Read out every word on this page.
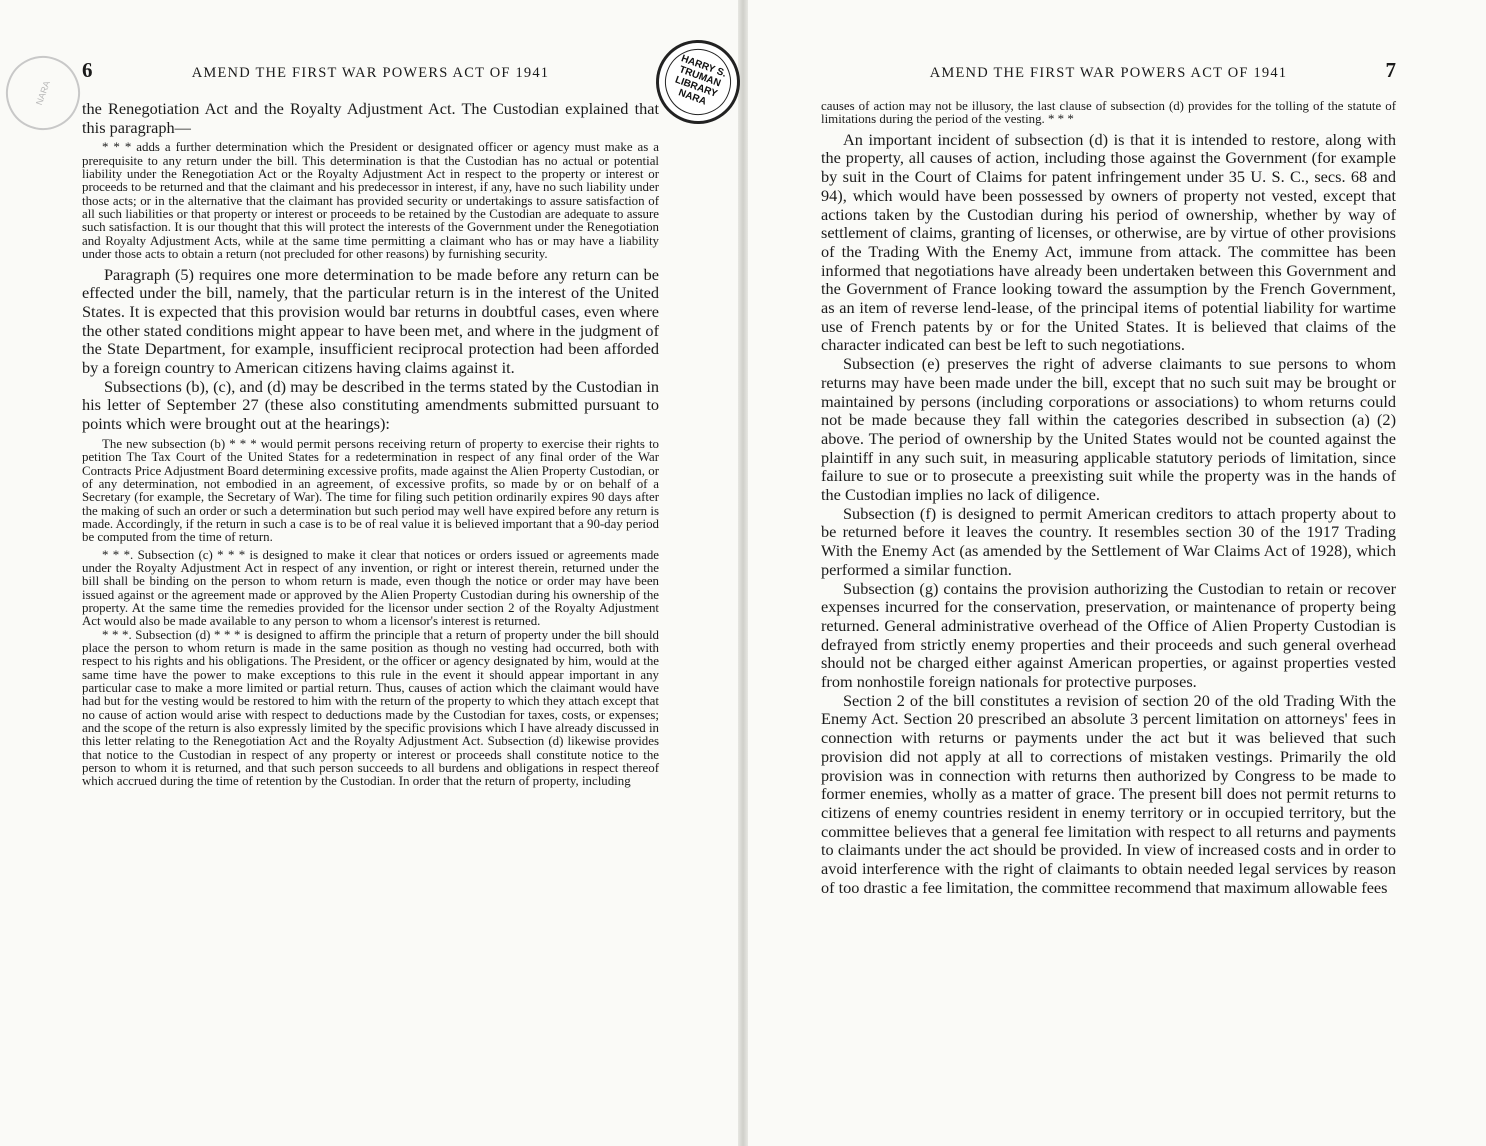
NARA
6	AMEND THE FIRST WAR POWERS ACT OF 1941

the Renegotiation Act and the Royalty Adjustment Act. The Custodian explained that this paragraph—

* * * adds a further determination which the President or designated officer or agency must make as a prerequisite to any return under the bill. This determination is that the Custodian has no actual or potential liability under the Renegotiation Act or the Royalty Adjustment Act in respect to the property or interest or proceeds to be returned and that the claimant and his predecessor in interest, if any, have no such liability under those acts; or in the alternative that the claimant has provided security or undertakings to assure satisfaction of all such liabilities or that property or interest or proceeds to be retained by the Custodian are adequate to assure such satisfaction. It is our thought that this will protect the interests of the Government under the Renegotiation and Royalty Adjustment Acts, while at the same time permitting a claimant who has or may have a liability under those acts to obtain a return (not precluded for other reasons) by furnishing security.

Paragraph (5) requires one more determination to be made before any return can be effected under the bill, namely, that the particular return is in the interest of the United States. It is expected that this provision would bar returns in doubtful cases, even where the other stated conditions might appear to have been met, and where in the judgment of the State Department, for example, insufficient reciprocal protection had been afforded by a foreign country to American citizens having claims against it.

Subsections (b), (c), and (d) may be described in the terms stated by the Custodian in his letter of September 27 (these also constituting amendments submitted pursuant to points which were brought out at the hearings):

The new subsection (b) * * * would permit persons receiving return of property to exercise their rights to petition The Tax Court of the United States for a redetermination in respect of any final order of the War Contracts Price Adjustment Board determining excessive profits, made against the Alien Property Custodian, or of any determination, not embodied in an agreement, of excessive profits, so made by or on behalf of a Secretary (for example, the Secretary of War). The time for filing such petition ordinarily expires 90 days after the making of such an order or such a determination but such period may well have expired before any return is made. Accordingly, if the return in such a case is to be of real value it is believed important that a 90-day period be computed from the time of return.

* * *. Subsection (c) * * * is designed to make it clear that notices or orders issued or agreements made under the Royalty Adjustment Act in respect of any invention, or right or interest therein, returned under the bill shall be binding on the person to whom return is made, even though the notice or order may have been issued against or the agreement made or approved by the Alien Property Custodian during his ownership of the property. At the same time the remedies provided for the licensor under section 2 of the Royalty Adjustment Act would also be made available to any person to whom a licensor's interest is returned.

* * *. Subsection (d) * * * is designed to affirm the principle that a return of property under the bill should place the person to whom return is made in the same position as though no vesting had occurred, both with respect to his rights and his obligations. The President, or the officer or agency designated by him, would at the same time have the power to make exceptions to this rule in the event it should appear important in any particular case to make a more limited or partial return. Thus, causes of action which the claimant would have had but for the vesting would be restored to him with the return of the property to which they attach except that no cause of action would arise with respect to deductions made by the Custodian for taxes, costs, or expenses; and the scope of the return is also expressly limited by the specific provisions which I have already discussed in this letter relating to the Renegotiation Act and the Royalty Adjustment Act. Subsection (d) likewise provides that notice to the Custodian in respect of any property or interest or proceeds shall constitute notice to the person to whom it is returned, and that such person succeeds to all burdens and obligations in respect thereof which accrued during the time of retention by the Custodian. In order that the return of property, including

AMEND THE FIRST WAR POWERS ACT OF 1941	7

causes of action may not be illusory, the last clause of subsection (d) provides for the tolling of the statute of limitations during the period of the vesting. * * *

An important incident of subsection (d) is that it is intended to restore, along with the property, all causes of action, including those against the Government (for example by suit in the Court of Claims for patent infringement under 35 U. S. C., secs. 68 and 94), which would have been possessed by owners of property not vested, except that actions taken by the Custodian during his period of ownership, whether by way of settlement of claims, granting of licenses, or otherwise, are by virtue of other provisions of the Trading With the Enemy Act, immune from attack. The committee has been informed that negotiations have already been undertaken between this Government and the Government of France looking toward the assumption by the French Government, as an item of reverse lend-lease, of the principal items of potential liability for wartime use of French patents by or for the United States. It is believed that claims of the character indicated can best be left to such negotiations.

Subsection (e) preserves the right of adverse claimants to sue persons to whom returns may have been made under the bill, except that no such suit may be brought or maintained by persons (including corporations or associations) to whom returns could not be made because they fall within the categories described in subsection (a) (2) above. The period of ownership by the United States would not be counted against the plaintiff in any such suit, in measuring applicable statutory periods of limitation, since failure to sue or to prosecute a preexisting suit while the property was in the hands of the Custodian implies no lack of diligence.

Subsection (f) is designed to permit American creditors to attach property about to be returned before it leaves the country. It resembles section 30 of the 1917 Trading With the Enemy Act (as amended by the Settlement of War Claims Act of 1928), which performed a similar function.

Subsection (g) contains the provision authorizing the Custodian to retain or recover expenses incurred for the conservation, preservation, or maintenance of property being returned. General administrative overhead of the Office of Alien Property Custodian is defrayed from strictly enemy properties and their proceeds and such general overhead should not be charged either against American properties, or against properties vested from nonhostile foreign nationals for protective purposes.

Section 2 of the bill constitutes a revision of section 20 of the old Trading With the Enemy Act. Section 20 prescribed an absolute 3 percent limitation on attorneys' fees in connection with returns or payments under the act but it was believed that such provision did not apply at all to corrections of mistaken vestings. Primarily the old provision was in connection with returns then authorized by Congress to be made to former enemies, wholly as a matter of grace. The present bill does not permit returns to citizens of enemy countries resident in enemy territory or in occupied territory, but the committee believes that a general fee limitation with respect to all returns and payments to claimants under the act should be provided. In view of increased costs and in order to avoid interference with the right of claimants to obtain needed legal services by reason of too drastic a fee limitation, the committee recommend that maximum allowable fees

HARRY S. TRUMAN LIBRARY NARA
